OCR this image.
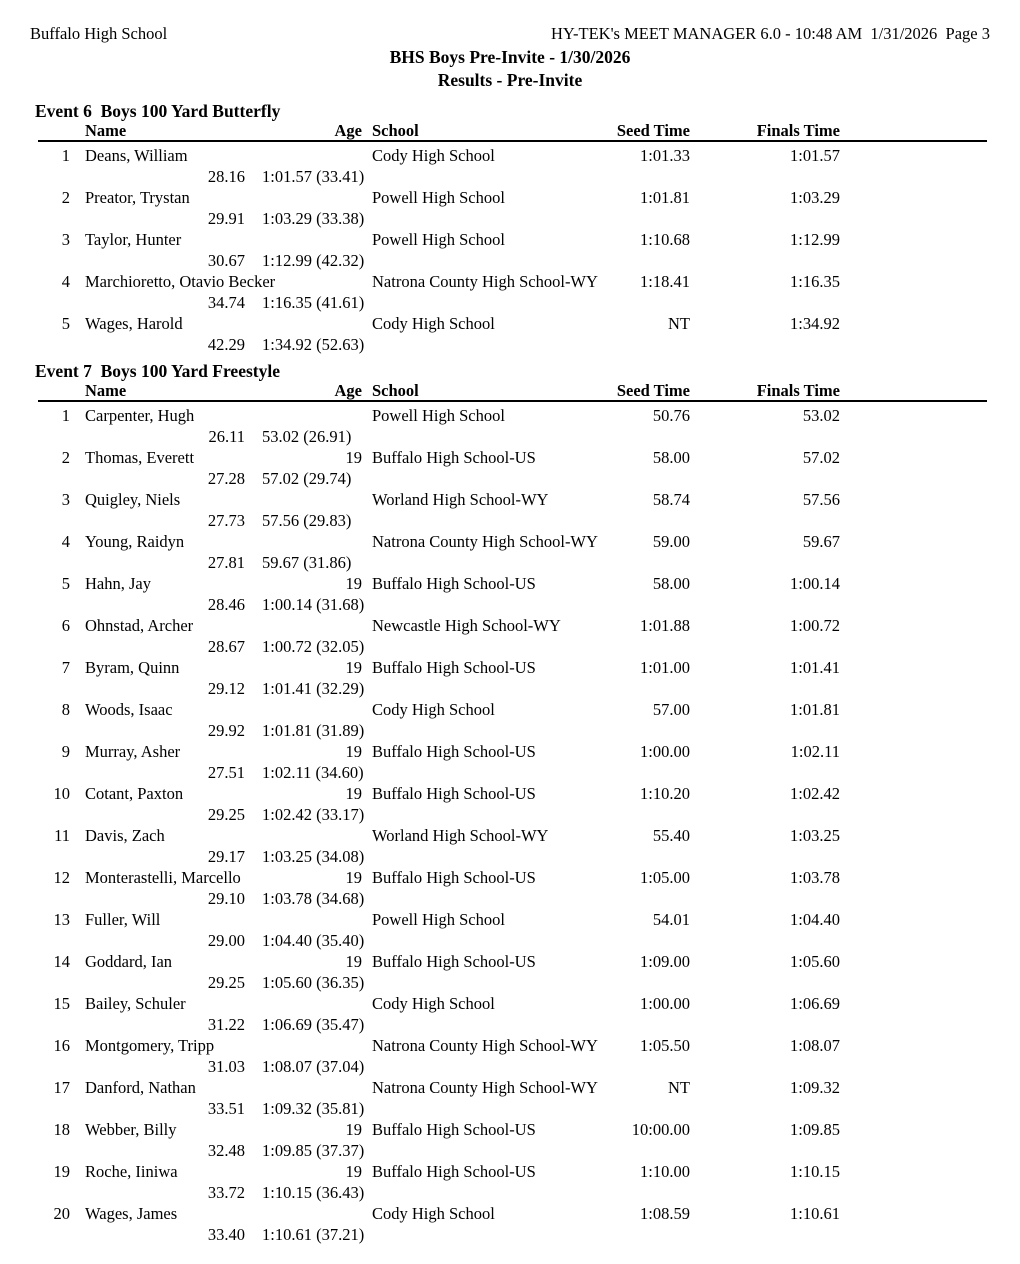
Buffalo High School	HY-TEK's MEET MANAGER 6.0 - 10:48 AM  1/31/2026  Page 3
BHS Boys Pre-Invite - 1/30/2026
Results - Pre-Invite
Event 6  Boys 100 Yard Butterfly
Name	Age School	Seed Time	Finals Time
1 Deans, William	Cody High School	1:01.33	1:01.57
28.16 1:01.57 (33.41)
2 Preator, Trystan	Powell High School	1:01.81	1:03.29
29.91 1:03.29 (33.38)
3 Taylor, Hunter	Powell High School	1:10.68	1:12.99
30.67 1:12.99 (42.32)
4 Marchioretto, Otavio Becker	Natrona County High School-WY	1:18.41	1:16.35
34.74 1:16.35 (41.61)
5 Wages, Harold	Cody High School	NT	1:34.92
42.29 1:34.92 (52.63)
Event 7  Boys 100 Yard Freestyle
Name	Age School	Seed Time	Finals Time
1 Carpenter, Hugh	Powell High School	50.76	53.02
26.11 53.02 (26.91)
2 Thomas, Everett	19 Buffalo High School-US	58.00	57.02
27.28 57.02 (29.74)
3 Quigley, Niels	Worland High School-WY	58.74	57.56
27.73 57.56 (29.83)
4 Young, Raidyn	Natrona County High School-WY	59.00	59.67
27.81 59.67 (31.86)
5 Hahn, Jay	19 Buffalo High School-US	58.00	1:00.14
28.46 1:00.14 (31.68)
6 Ohnstad, Archer	Newcastle High School-WY	1:01.88	1:00.72
28.67 1:00.72 (32.05)
7 Byram, Quinn	19 Buffalo High School-US	1:01.00	1:01.41
29.12 1:01.41 (32.29)
8 Woods, Isaac	Cody High School	57.00	1:01.81
29.92 1:01.81 (31.89)
9 Murray, Asher	19 Buffalo High School-US	1:00.00	1:02.11
27.51 1:02.11 (34.60)
10 Cotant, Paxton	19 Buffalo High School-US	1:10.20	1:02.42
29.25 1:02.42 (33.17)
11 Davis, Zach	Worland High School-WY	55.40	1:03.25
29.17 1:03.25 (34.08)
12 Monterastelli, Marcello	19 Buffalo High School-US	1:05.00	1:03.78
29.10 1:03.78 (34.68)
13 Fuller, Will	Powell High School	54.01	1:04.40
29.00 1:04.40 (35.40)
14 Goddard, Ian	19 Buffalo High School-US	1:09.00	1:05.60
29.25 1:05.60 (36.35)
15 Bailey, Schuler	Cody High School	1:00.00	1:06.69
31.22 1:06.69 (35.47)
16 Montgomery, Tripp	Natrona County High School-WY	1:05.50	1:08.07
31.03 1:08.07 (37.04)
17 Danford, Nathan	Natrona County High School-WY	NT	1:09.32
33.51 1:09.32 (35.81)
18 Webber, Billy	19 Buffalo High School-US	10:00.00	1:09.85
32.48 1:09.85 (37.37)
19 Roche, Iiniwa	19 Buffalo High School-US	1:10.00	1:10.15
33.72 1:10.15 (36.43)
20 Wages, James	Cody High School	1:08.59	1:10.61
33.40 1:10.61 (37.21)
